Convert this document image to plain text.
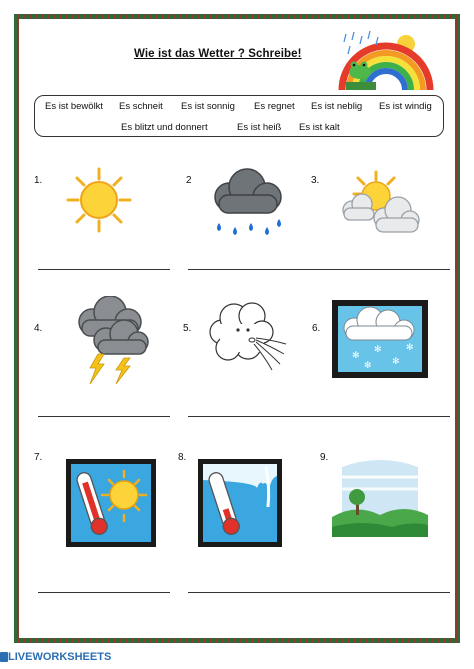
Wie ist das Wetter ? Schreibe!
Es ist bewölkt Es schneit Es ist sonnig Es regnet Es ist neblig Es ist windig
Es blitzt und donnert	Es ist heiß Es ist kalt
1.	2	3.
4.	5.	6.
✻
✻
✻
✻
✻
7.	8.	9.
LIVEWORKSHEETS
